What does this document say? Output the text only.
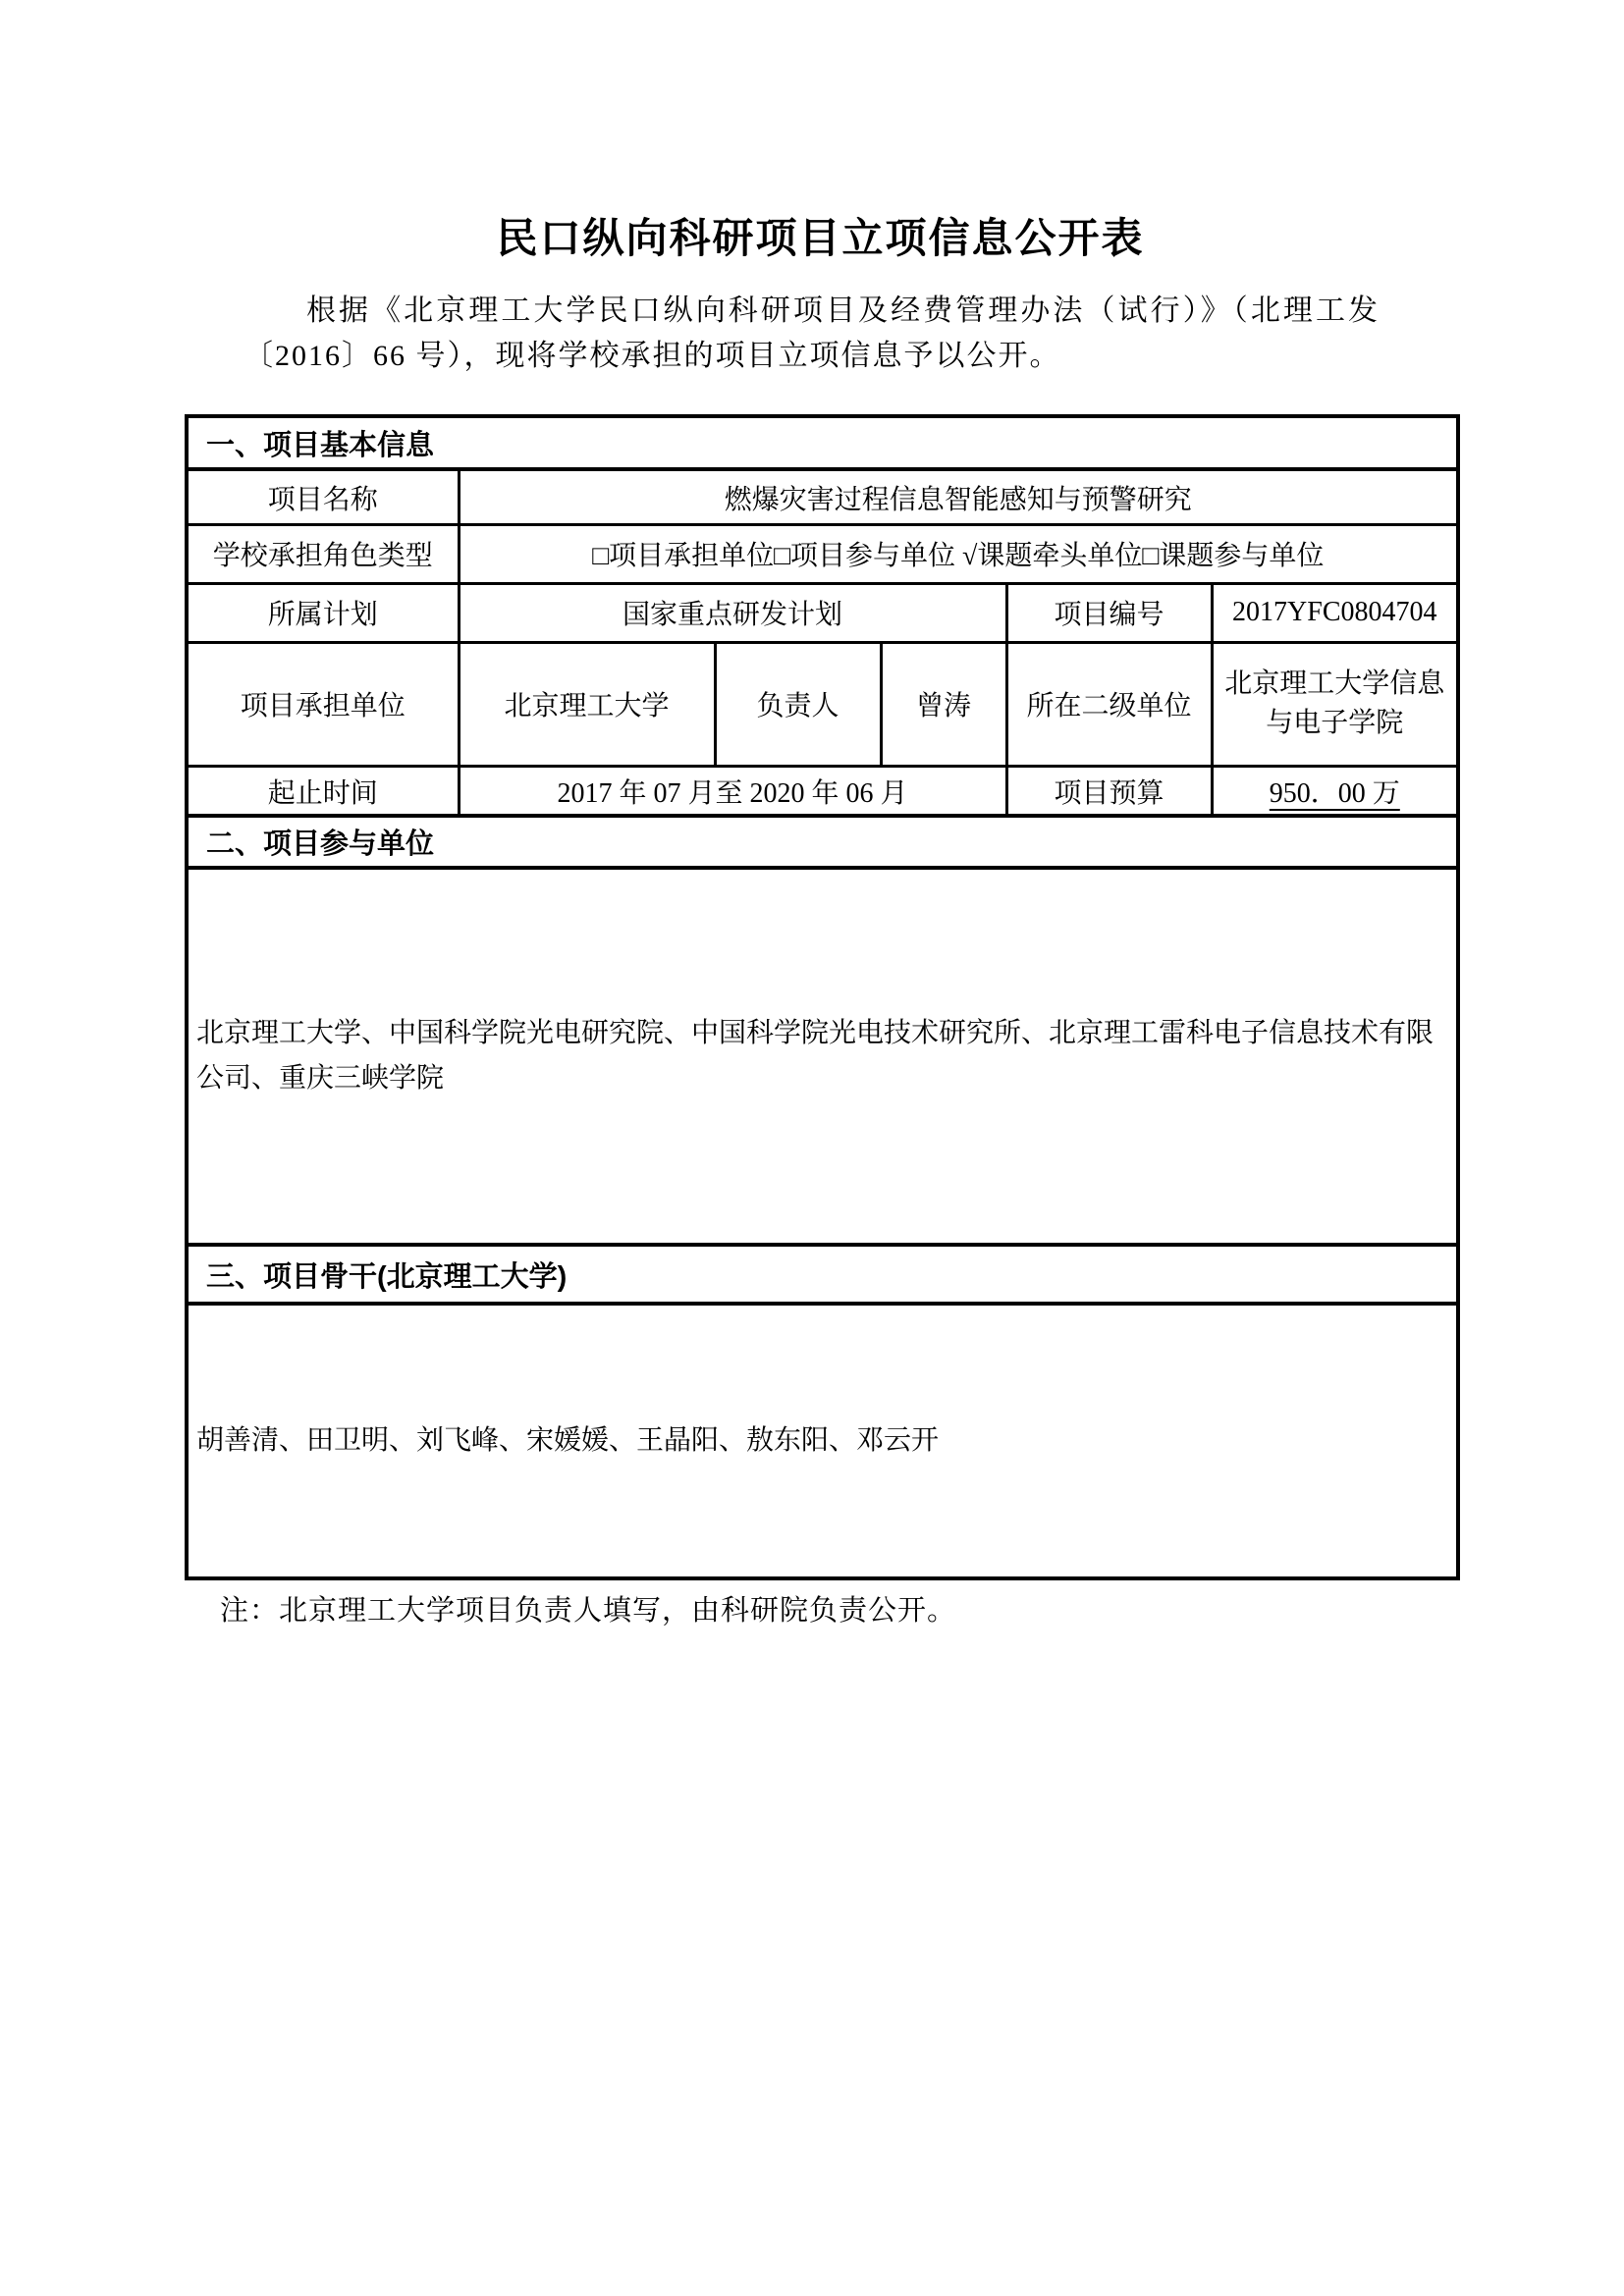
民口纵向科研项目立项信息公开表

根据《北京理工大学民口纵向科研项目及经费管理办法（试行）》（北理工发〔2016〕66 号），现将学校承担的项目立项信息予以公开。

一、项目基本信息					
项目名称	燃爆灾害过程信息智能感知与预警研究				
学校承担角色类型	□项目承担单位□项目参与单位 √课题牵头单位□课题参与单位				
所属计划	国家重点研发计划			项目编号	2017YFC0804704
项目承担单位	北京理工大学	负责人	曾涛	所在二级单位	北京理工大学信息与电子学院
起止时间	2017 年 07 月至 2020 年 06 月			项目预算	950．00 万
二、项目参与单位					
北京理工大学、中国科学院光电研究院、中国科学院光电技术研究所、北京理工雷科电子信息技术有限公司、重庆三峡学院					
三、项目骨干(北京理工大学)					
胡善清、田卫明、刘飞峰、宋媛媛、王晶阳、敖东阳、邓云开					

注：北京理工大学项目负责人填写，由科研院负责公开。
